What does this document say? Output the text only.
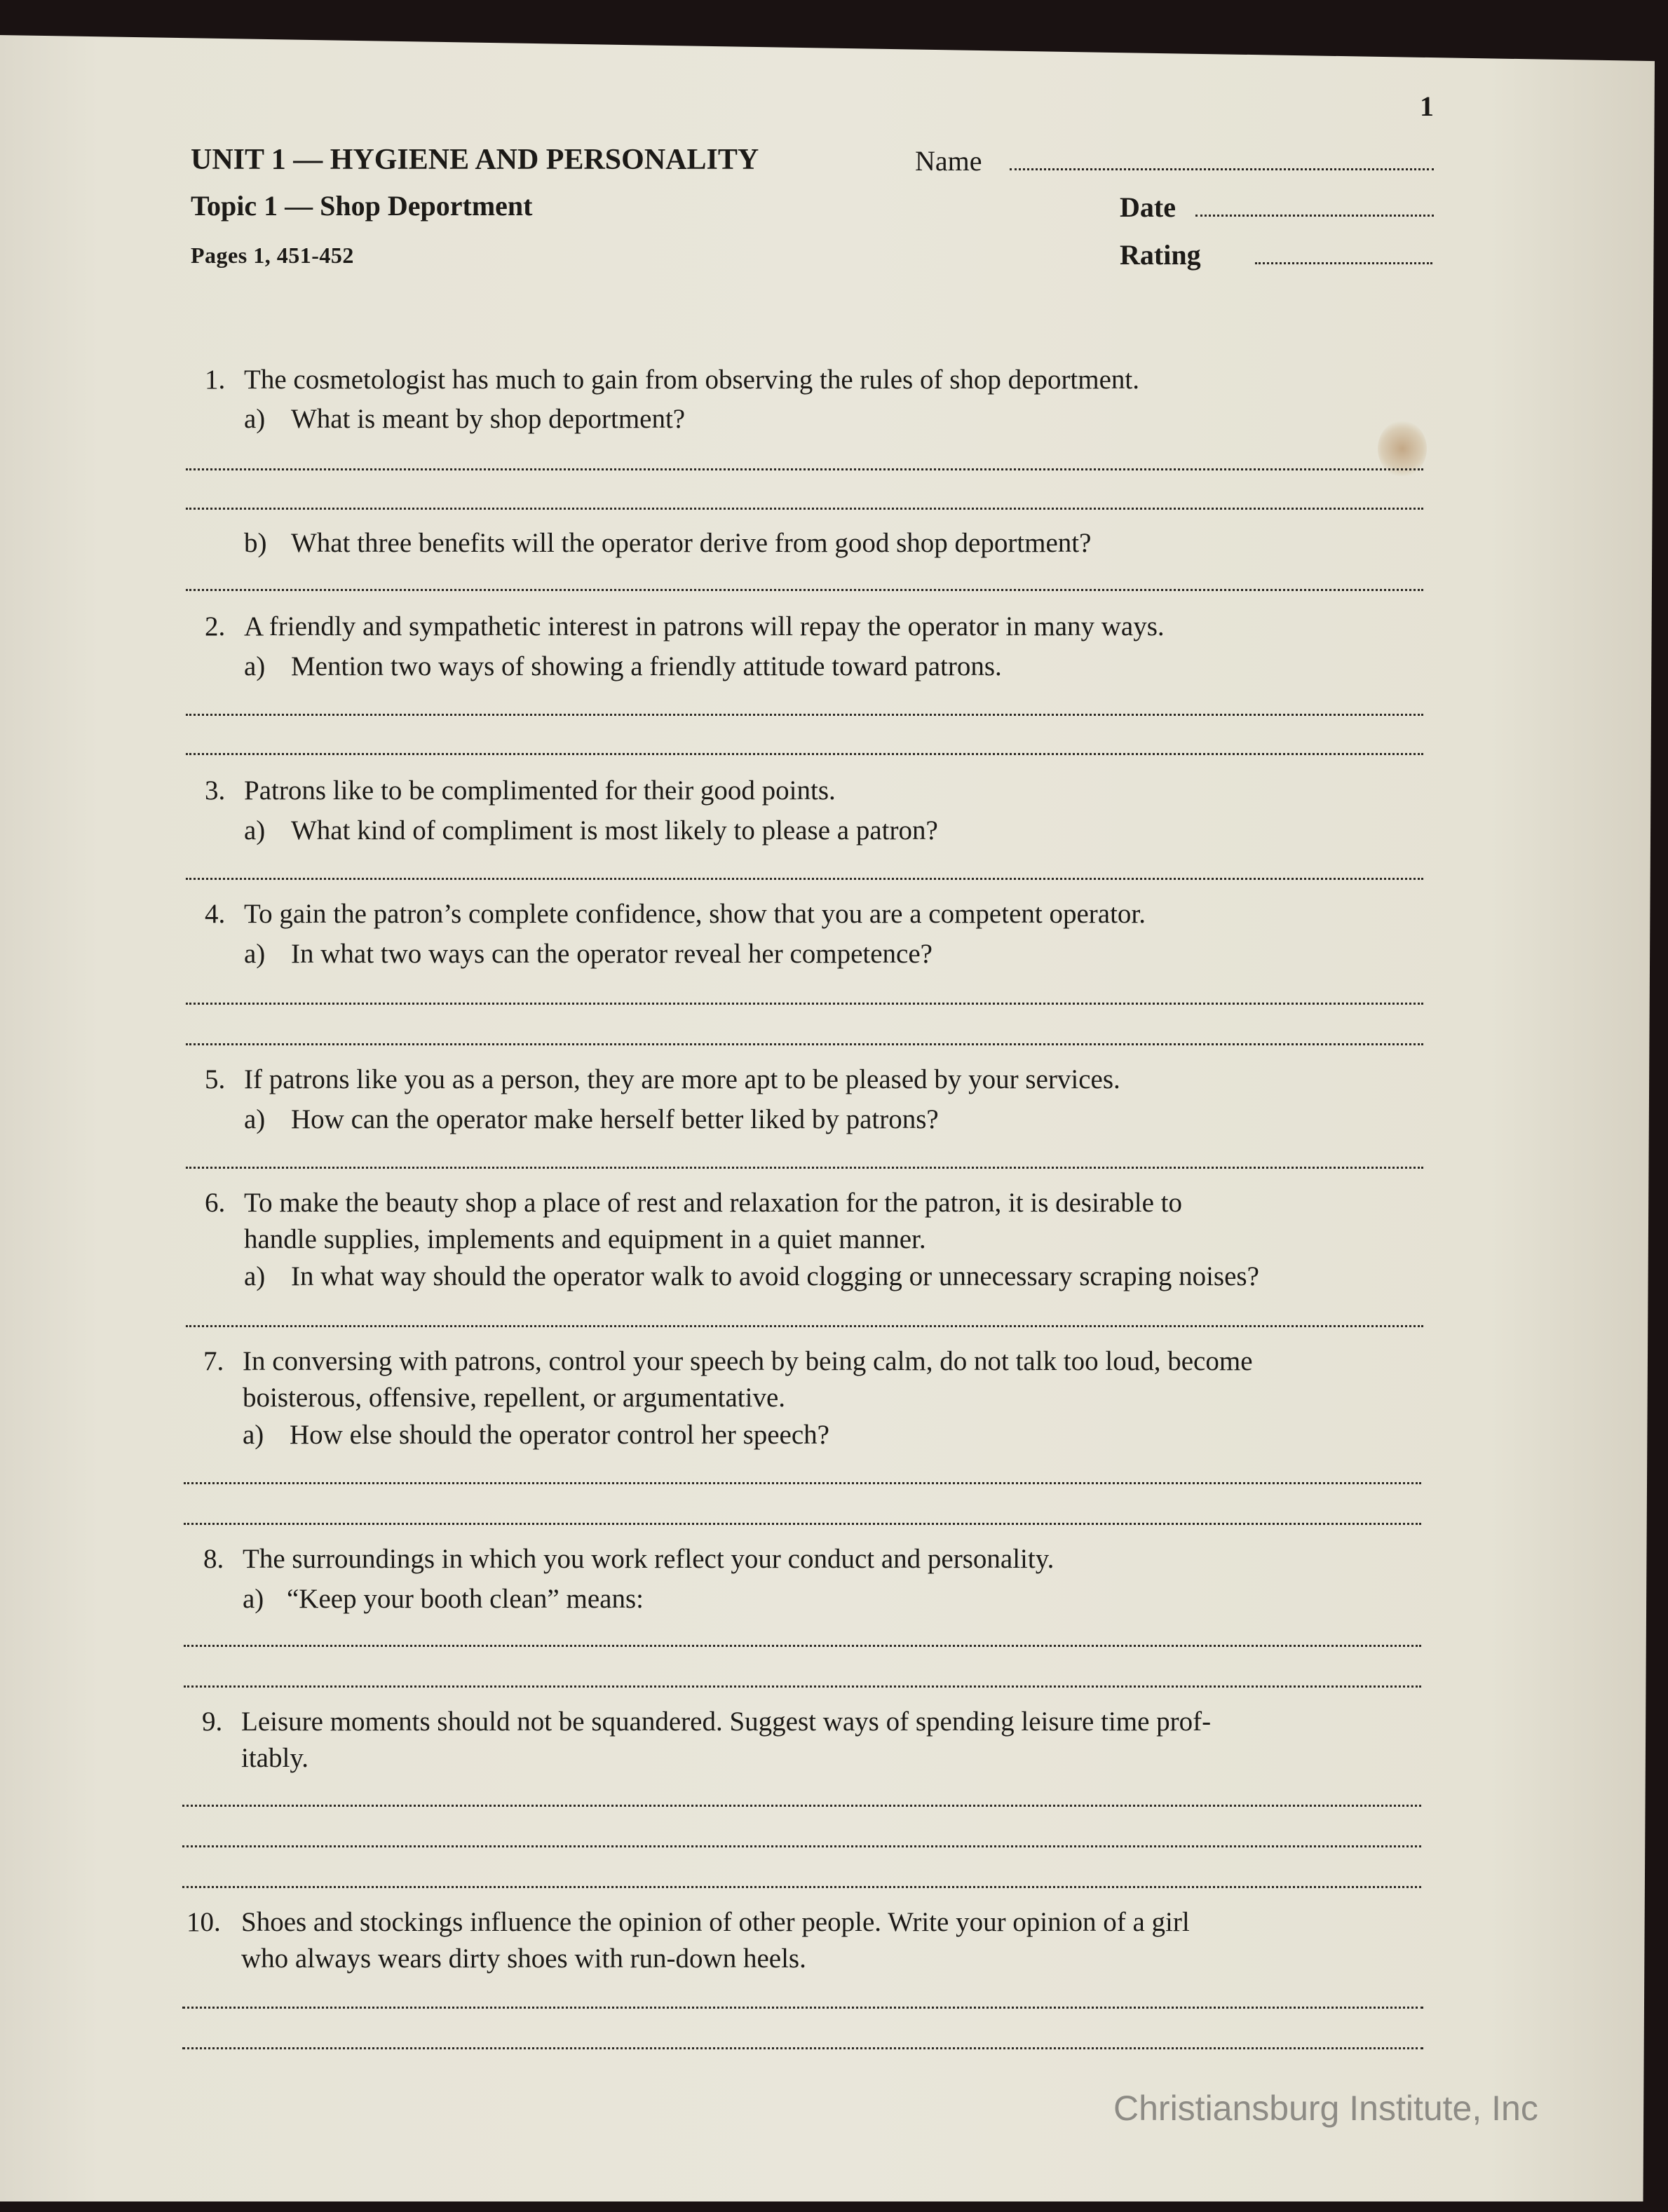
1
UNIT 1 — HYGIENE AND PERSONALITY
Topic 1 — Shop Deportment
Pages 1, 451-452
Name
Date
Rating
1. The cosmetologist has much to gain from observing the rules of shop deportment.
a) What is meant by shop deportment?
b) What three benefits will the operator derive from good shop deportment?
2. A friendly and sympathetic interest in patrons will repay the operator in many ways.
a) Mention two ways of showing a friendly attitude toward patrons.
3. Patrons like to be complimented for their good points.
a) What kind of compliment is most likely to please a patron?
4. To gain the patron’s complete confidence, show that you are a competent operator.
a) In what two ways can the operator reveal her competence?
5. If patrons like you as a person, they are more apt to be pleased by your services.
a) How can the operator make herself better liked by patrons?
6. To make the beauty shop a place of rest and relaxation for the patron, it is desirable to
handle supplies, implements and equipment in a quiet manner.
a) In what way should the operator walk to avoid clogging or unnecessary scraping noises?
7. In conversing with patrons, control your speech by being calm, do not talk too loud, become
boisterous, offensive, repellent, or argumentative.
a) How else should the operator control her speech?
8. The surroundings in which you work reflect your conduct and personality.
a) “Keep your booth clean” means:
9. Leisure moments should not be squandered. Suggest ways of spending leisure time prof-
itably.
10. Shoes and stockings influence the opinion of other people. Write your opinion of a girl
who always wears dirty shoes with run-down heels.
Christiansburg Institute, Inc
